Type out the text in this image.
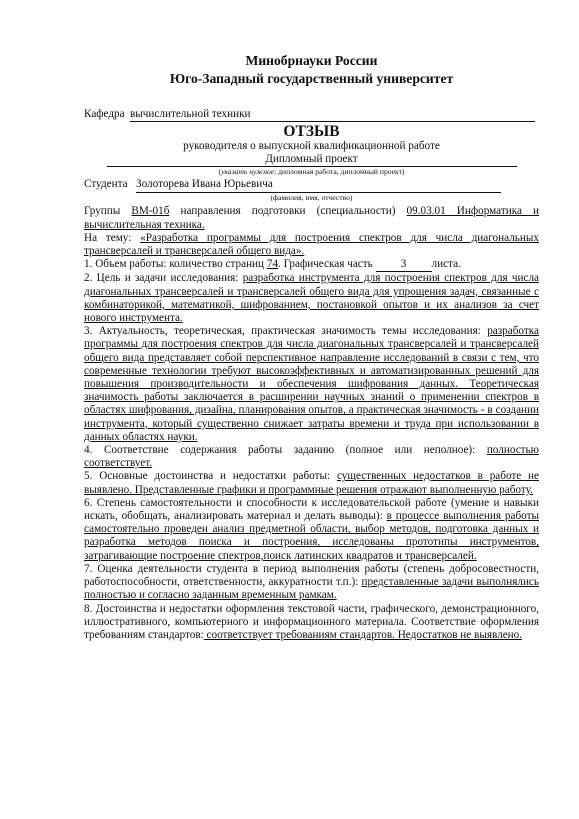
Минобрнауки России
Юго-Западный государственный университет
Кафедра вычислительной техники
ОТЗЫВ
руководителя о выпускной квалификационной работе
Дипломный проект
(указать нужное: дипломная работа, дипломный проект)
Студента Золоторева Ивана Юрьевича
(фамилия, имя, отчество)
Группы ВМ-01б направления подготовки (специальности) 09.03.01 Информатика и вычислительная техника.
На тему: «Разработка программы для построения спектров для числа диагональных трансверсалей и трансверсалей общего вида».
1. Объем работы: количество страниц 74. Графическая часть	3 листа.
2. Цель и задачи исследования: разработка инструмента для построения спектров для числа диагональных трансверсалей и трансверсалей общего вида для упрощения задач, связанные с комбинаторикой, математикой, шифрованием, постановкой опытов и их анализов за счет нового инструмента.
3. Актуальность, теоретическая, практическая значимость темы исследования: разработка программы для построения спектров для числа диагональных трансверсалей и трансверсалей общего вида представляет собой перспективное направление исследований в связи с тем, что современные технологии требуют высокоэффективных и автоматизированных решений для повышения производительности и обеспечения шифрования данных. Теоретическая значимость работы заключается в расширении научных знаний о применении спектров в областях шифрования, дизайна, планирования опытов, а практическая значимость - в создании инструмента, который существенно снижает затраты времени и труда при использовании в данных областях науки.
4. Соответствие содержания работы заданию (полное или неполное): полностью соответствует.
5. Основные достоинства и недостатки работы: существенных недостатков в работе не выявлено. Представленные графики и программные решения отражают выполненную работу.
6. Степень самостоятельности и способности к исследовательской работе (умение и навыки искать, обобщать, анализировать материал и делать выводы): в процессе выполнения работы самостоятельно проведен анализ предметной области, выбор методов, подготовка данных и разработка методов поиска и построения, исследованы прототипы инструментов, затрагивающие построение спектров,поиск латинских квадратов и трансверсалей.
7. Оценка деятельности студента в период выполнения работы (степень добросовестности, работоспособности, ответственности, аккуратности т.п.): представленные задачи выполнялись полностью и согласно заданным временным рамкам.
8. Достоинства и недостатки оформления текстовой части, графического, демонстрационного, иллюстративного, компьютерного и информационного материала. Соответствие оформления требованиям стандартов: соответствует требованиям стандартов. Недостатков не выявлено.
